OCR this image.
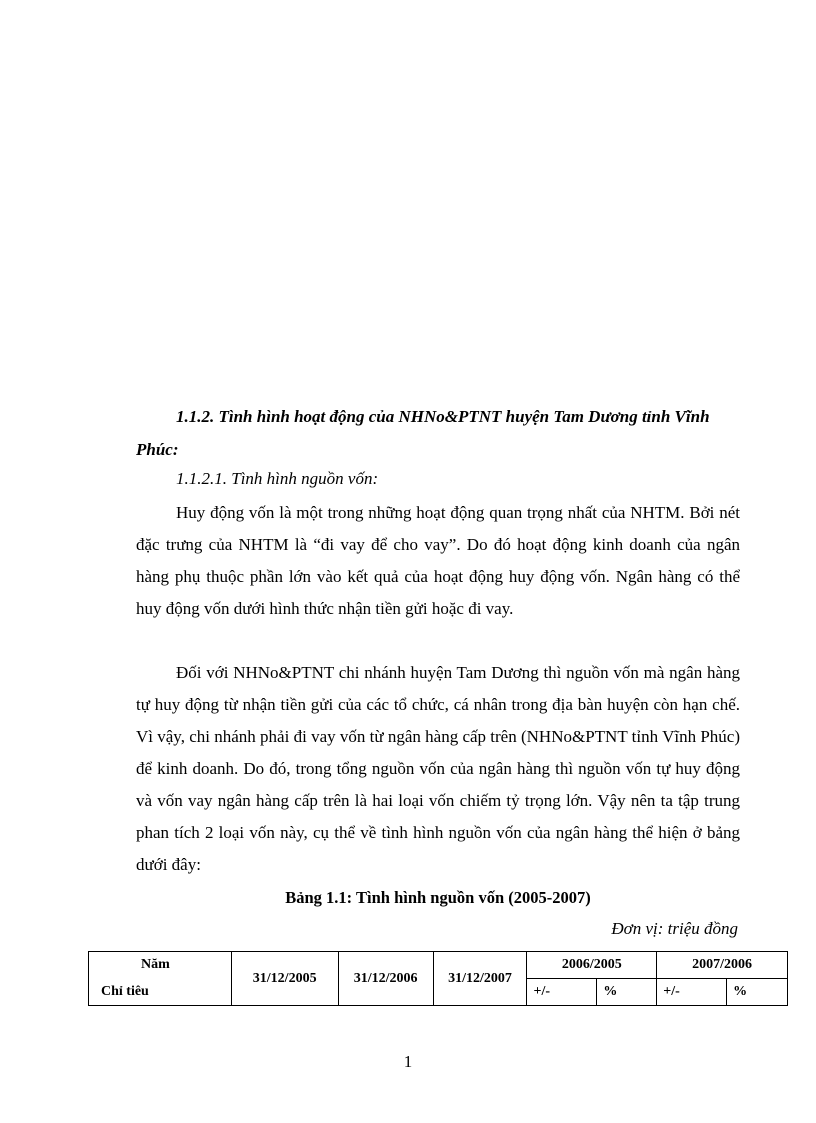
1.1.2. Tình hình hoạt động của NHNo&PTNT huyện Tam Dương tỉnh Vĩnh Phúc:
1.1.2.1. Tình hình nguồn vốn:

Huy động vốn là một trong những hoạt động quan trọng nhất của NHTM. Bởi nét đặc trưng của NHTM là “đi vay để cho vay”. Do đó hoạt động kinh doanh của ngân hàng phụ thuộc phần lớn vào kết quả của hoạt động huy động vốn. Ngân hàng có thể huy động vốn dưới hình thức nhận tiền gửi hoặc đi vay.

Đối với NHNo&PTNT chi nhánh huyện Tam Dương thì nguồn vốn mà ngân hàng tự huy động từ nhận tiền gửi của các tổ chức, cá nhân trong địa bàn huyện còn hạn chế. Vì vậy, chi nhánh phải đi vay vốn từ ngân hàng cấp trên (NHNo&PTNT tỉnh Vĩnh Phúc) để kinh doanh. Do đó, trong tổng nguồn vốn của ngân hàng thì nguồn vốn tự huy động và vốn vay ngân hàng cấp trên là hai loại vốn chiếm tỷ trọng lớn. Vậy nên ta tập trung phan tích 2 loại vốn này, cụ thể về tình hình nguồn vốn của ngân hàng thể hiện ở bảng dưới đây:

Bảng 1.1: Tình hình nguồn vốn (2005-2007)
Đơn vị: triệu đồng
Năm	31/12/2005	31/12/2006	31/12/2007	2006/2005		2007/2006	
Chỉ tiêu				+/-	%	+/-	%
1
